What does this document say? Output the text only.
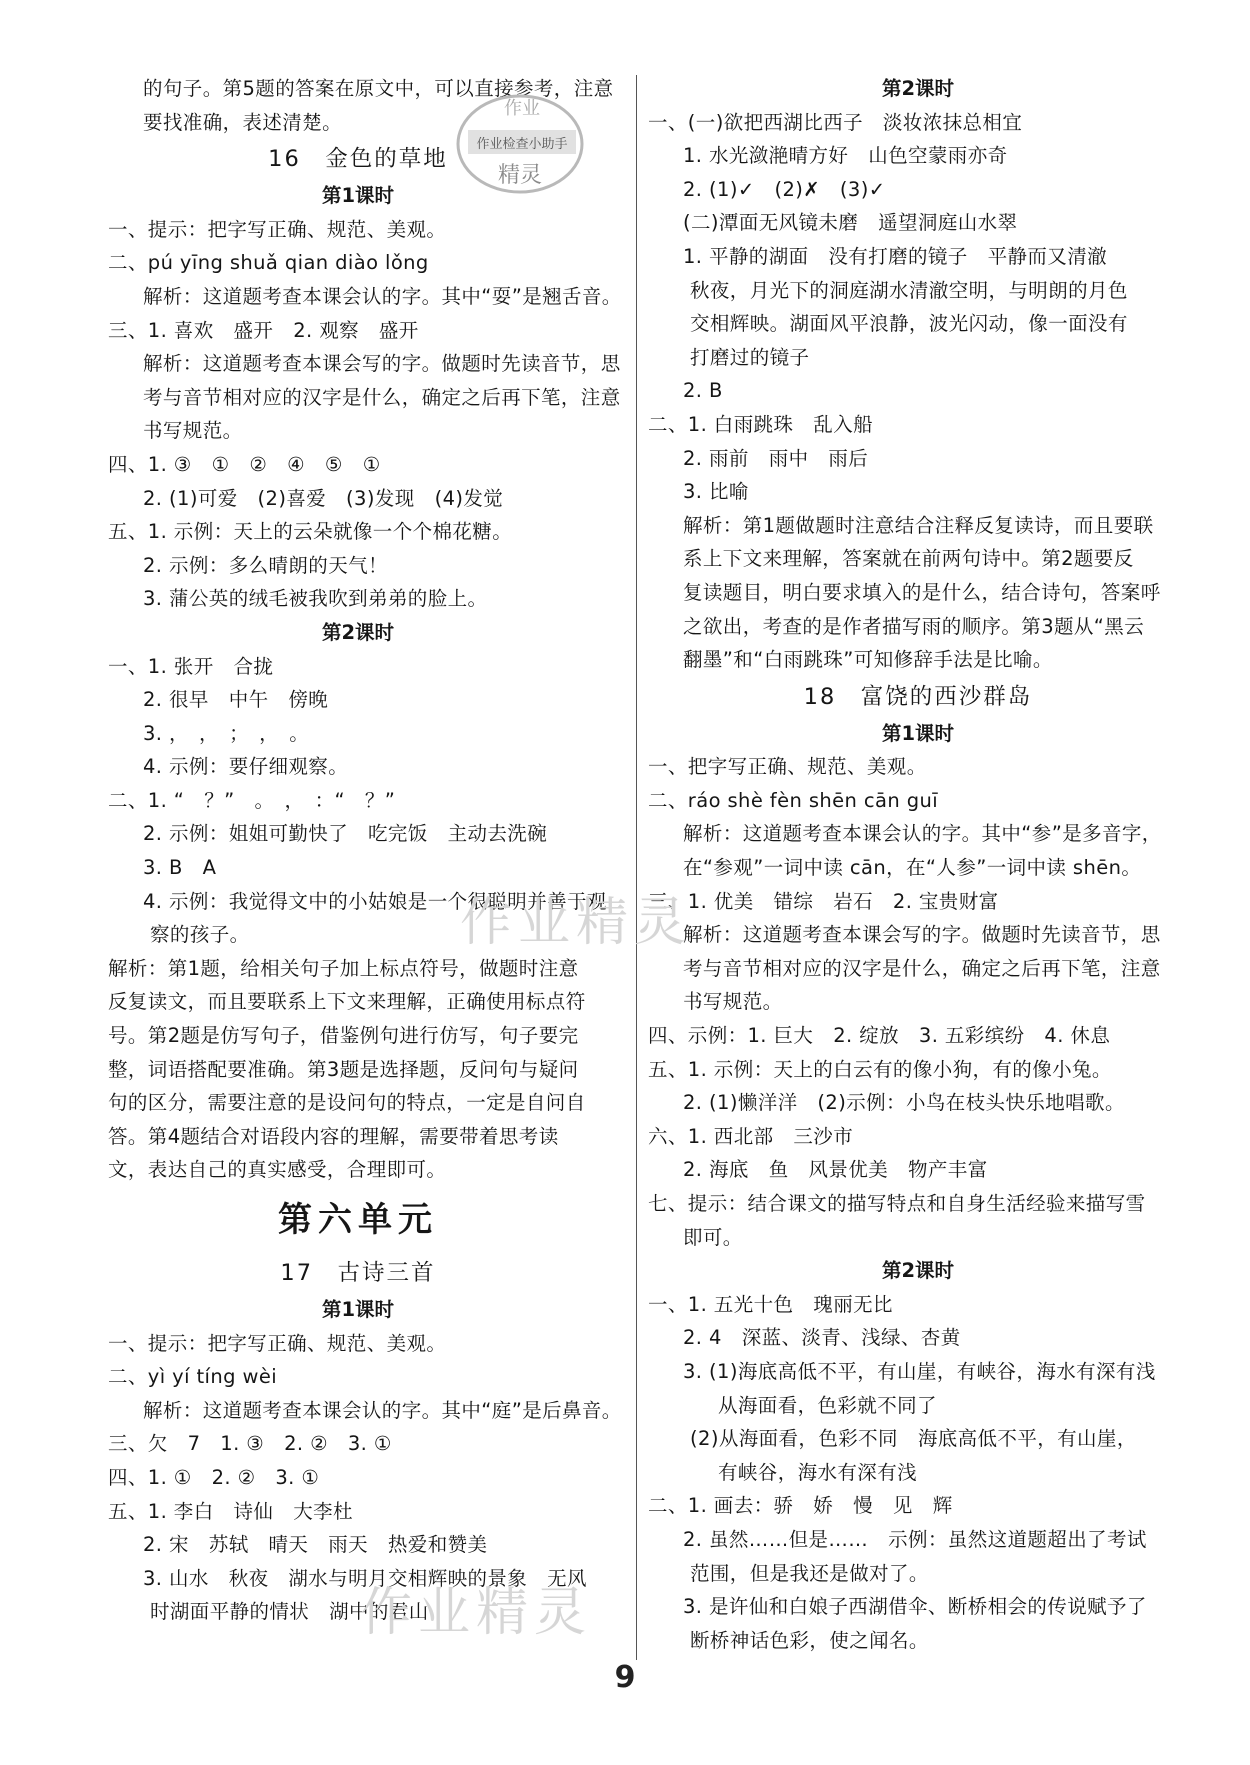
的句子。第5题的答案在原文中，可以直接参考，注意
要找准确，表述清楚。
16　金色的草地
第1课时
一、提示：把字写正确、规范、美观。
二、pú yīng shuǎ qian diào lǒng
解析：这道题考查本课会认的字。其中“耍”是翘舌音。
三、1. 喜欢　盛开　2. 观察　盛开
解析：这道题考查本课会写的字。做题时先读音节，思
考与音节相对应的汉字是什么，确定之后再下笔，注意
书写规范。
四、1. ③　①　②　④　⑤　①
2. (1)可爱　(2)喜爱　(3)发现　(4)发觉
五、1. 示例：天上的云朵就像一个个棉花糖。
2. 示例：多么晴朗的天气！
3. 蒲公英的绒毛被我吹到弟弟的脸上。
第2课时
一、1. 张开　合拢
2. 很早　中午　傍晚
3. ，　，　；　，　。
4. 示例：要仔细观察。
二、1. “　？”　。　，　：“　？”
2. 示例：姐姐可勤快了　吃完饭　主动去洗碗
3. B　A
4. 示例：我觉得文中的小姑娘是一个很聪明并善于观
察的孩子。
解析：第1题，给相关句子加上标点符号，做题时注意
反复读文，而且要联系上下文来理解，正确使用标点符
号。第2题是仿写句子，借鉴例句进行仿写，句子要完
整，词语搭配要准确。第3题是选择题，反问句与疑问
句的区分，需要注意的是设问句的特点，一定是自问自
答。第4题结合对语段内容的理解，需要带着思考读
文，表达自己的真实感受，合理即可。
第六单元
17　古诗三首
第1课时
一、提示：把字写正确、规范、美观。
二、yì yí tíng wèi
解析：这道题考查本课会认的字。其中“庭”是后鼻音。
三、欠　7　1. ③　2. ②　3. ①
四、1. ①　2. ②　3. ①
五、1. 李白　诗仙　大李杜
2. 宋　苏轼　晴天　雨天　热爱和赞美
3. 山水　秋夜　湖水与明月交相辉映的景象　无风
时湖面平静的情状　湖中的君山
第2课时
一、(一)欲把西湖比西子　淡妆浓抹总相宜
1. 水光潋滟晴方好　山色空蒙雨亦奇
2. (1)✓　(2)✗　(3)✓
(二)潭面无风镜未磨　遥望洞庭山水翠
1. 平静的湖面　没有打磨的镜子　平静而又清澈
秋夜，月光下的洞庭湖水清澈空明，与明朗的月色
交相辉映。湖面风平浪静，波光闪动，像一面没有
打磨过的镜子
2. B
二、1. 白雨跳珠　乱入船
2. 雨前　雨中　雨后
3. 比喻
解析：第1题做题时注意结合注释反复读诗，而且要联
系上下文来理解，答案就在前两句诗中。第2题要反
复读题目，明白要求填入的是什么，结合诗句，答案呼
之欲出，考查的是作者描写雨的顺序。第3题从“黑云
翻墨”和“白雨跳珠”可知修辞手法是比喻。
18　富饶的西沙群岛
第1课时
一、把字写正确、规范、美观。
二、ráo shè fèn shēn cān guī
解析：这道题考查本课会认的字。其中“参”是多音字，
在“参观”一词中读 cān，在“人参”一词中读 shēn。
三、1. 优美　错综　岩石　2. 宝贵财富
解析：这道题考查本课会写的字。做题时先读音节，思
考与音节相对应的汉字是什么，确定之后再下笔，注意
书写规范。
四、示例：1. 巨大　2. 绽放　3. 五彩缤纷　4. 休息
五、1. 示例：天上的白云有的像小狗，有的像小兔。
2. (1)懒洋洋　(2)示例：小鸟在枝头快乐地唱歌。
六、1. 西北部　三沙市
2. 海底　鱼　风景优美　物产丰富
七、提示：结合课文的描写特点和自身生活经验来描写雪
即可。
第2课时
一、1. 五光十色　瑰丽无比
2. 4　深蓝、淡青、浅绿、杏黄
3. (1)海底高低不平，有山崖，有峡谷，海水有深有浅
从海面看，色彩就不同了
(2)从海面看，色彩不同　海底高低不平，有山崖，
有峡谷，海水有深有浅
二、1. 画去：骄　娇　慢　见　辉
2. 虽然……但是……　示例：虽然这道题超出了考试
范围，但是我还是做对了。
3. 是许仙和白娘子西湖借伞、断桥相会的传说赋予了
断桥神话色彩，使之闻名。
作业
作业检查小助手
精灵
作业精灵
作业精灵
9
